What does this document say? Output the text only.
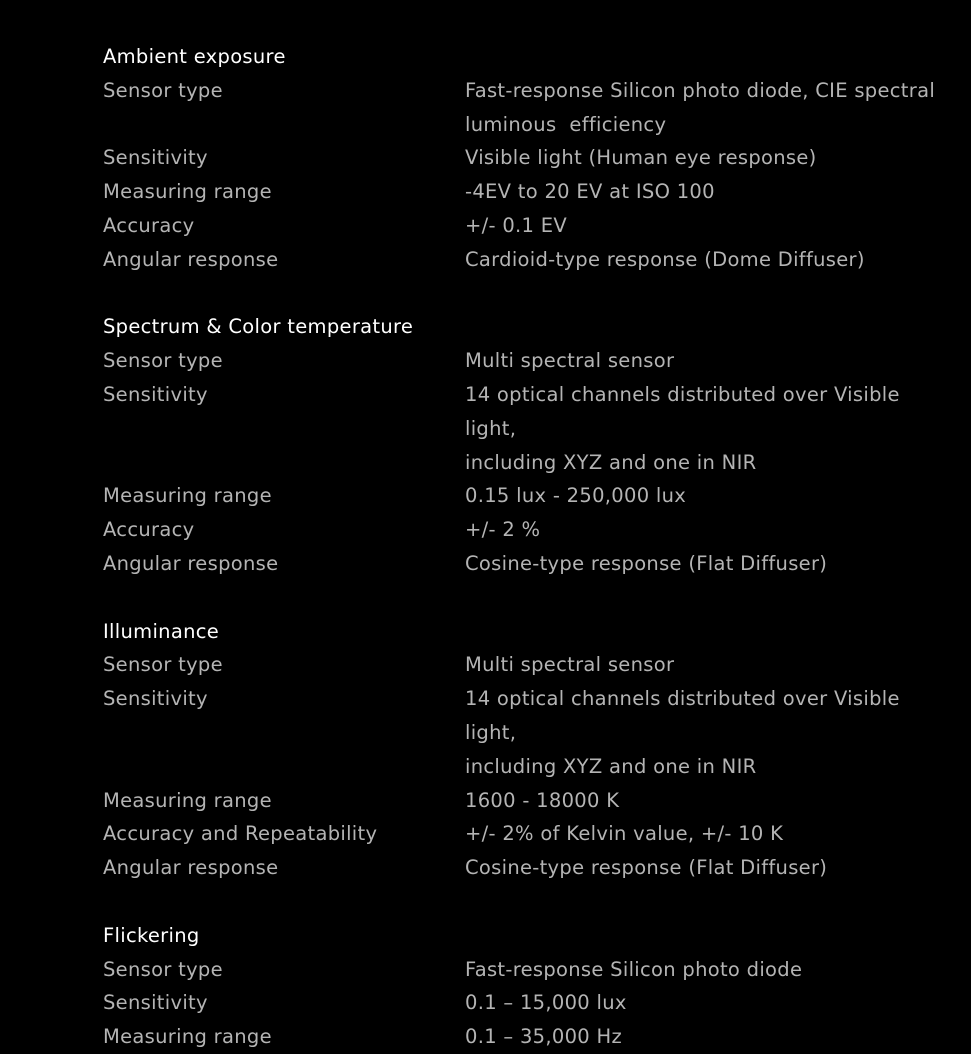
Ambient exposure
Sensor type	Fast-response Silicon photo diode, CIE spectral
luminous  efficiency
Sensitivity	Visible light (Human eye response)
Measuring range	-4EV to 20 EV at ISO 100
Accuracy	+/- 0.1 EV
Angular response	Cardioid-type response (Dome Diffuser)
Spectrum & Color temperature
Sensor type	Multi spectral sensor
Sensitivity	14 optical channels distributed over Visible light,
including XYZ and one in NIR
Measuring range	0.15 lux - 250,000 lux
Accuracy	+/- 2 %
Angular response	Cosine-type response (Flat Diffuser)
Illuminance
Sensor type	Multi spectral sensor
Sensitivity	14 optical channels distributed over Visible light,
including XYZ and one in NIR
Measuring range	1600 - 18000 K
Accuracy and Repeatability	+/- 2% of Kelvin value, +/- 10 K
Angular response	Cosine-type response (Flat Diffuser)
Flickering
Sensor type	Fast-response Silicon photo diode
Sensitivity	0.1 – 15,000 lux
Measuring range	0.1 – 35,000 Hz
